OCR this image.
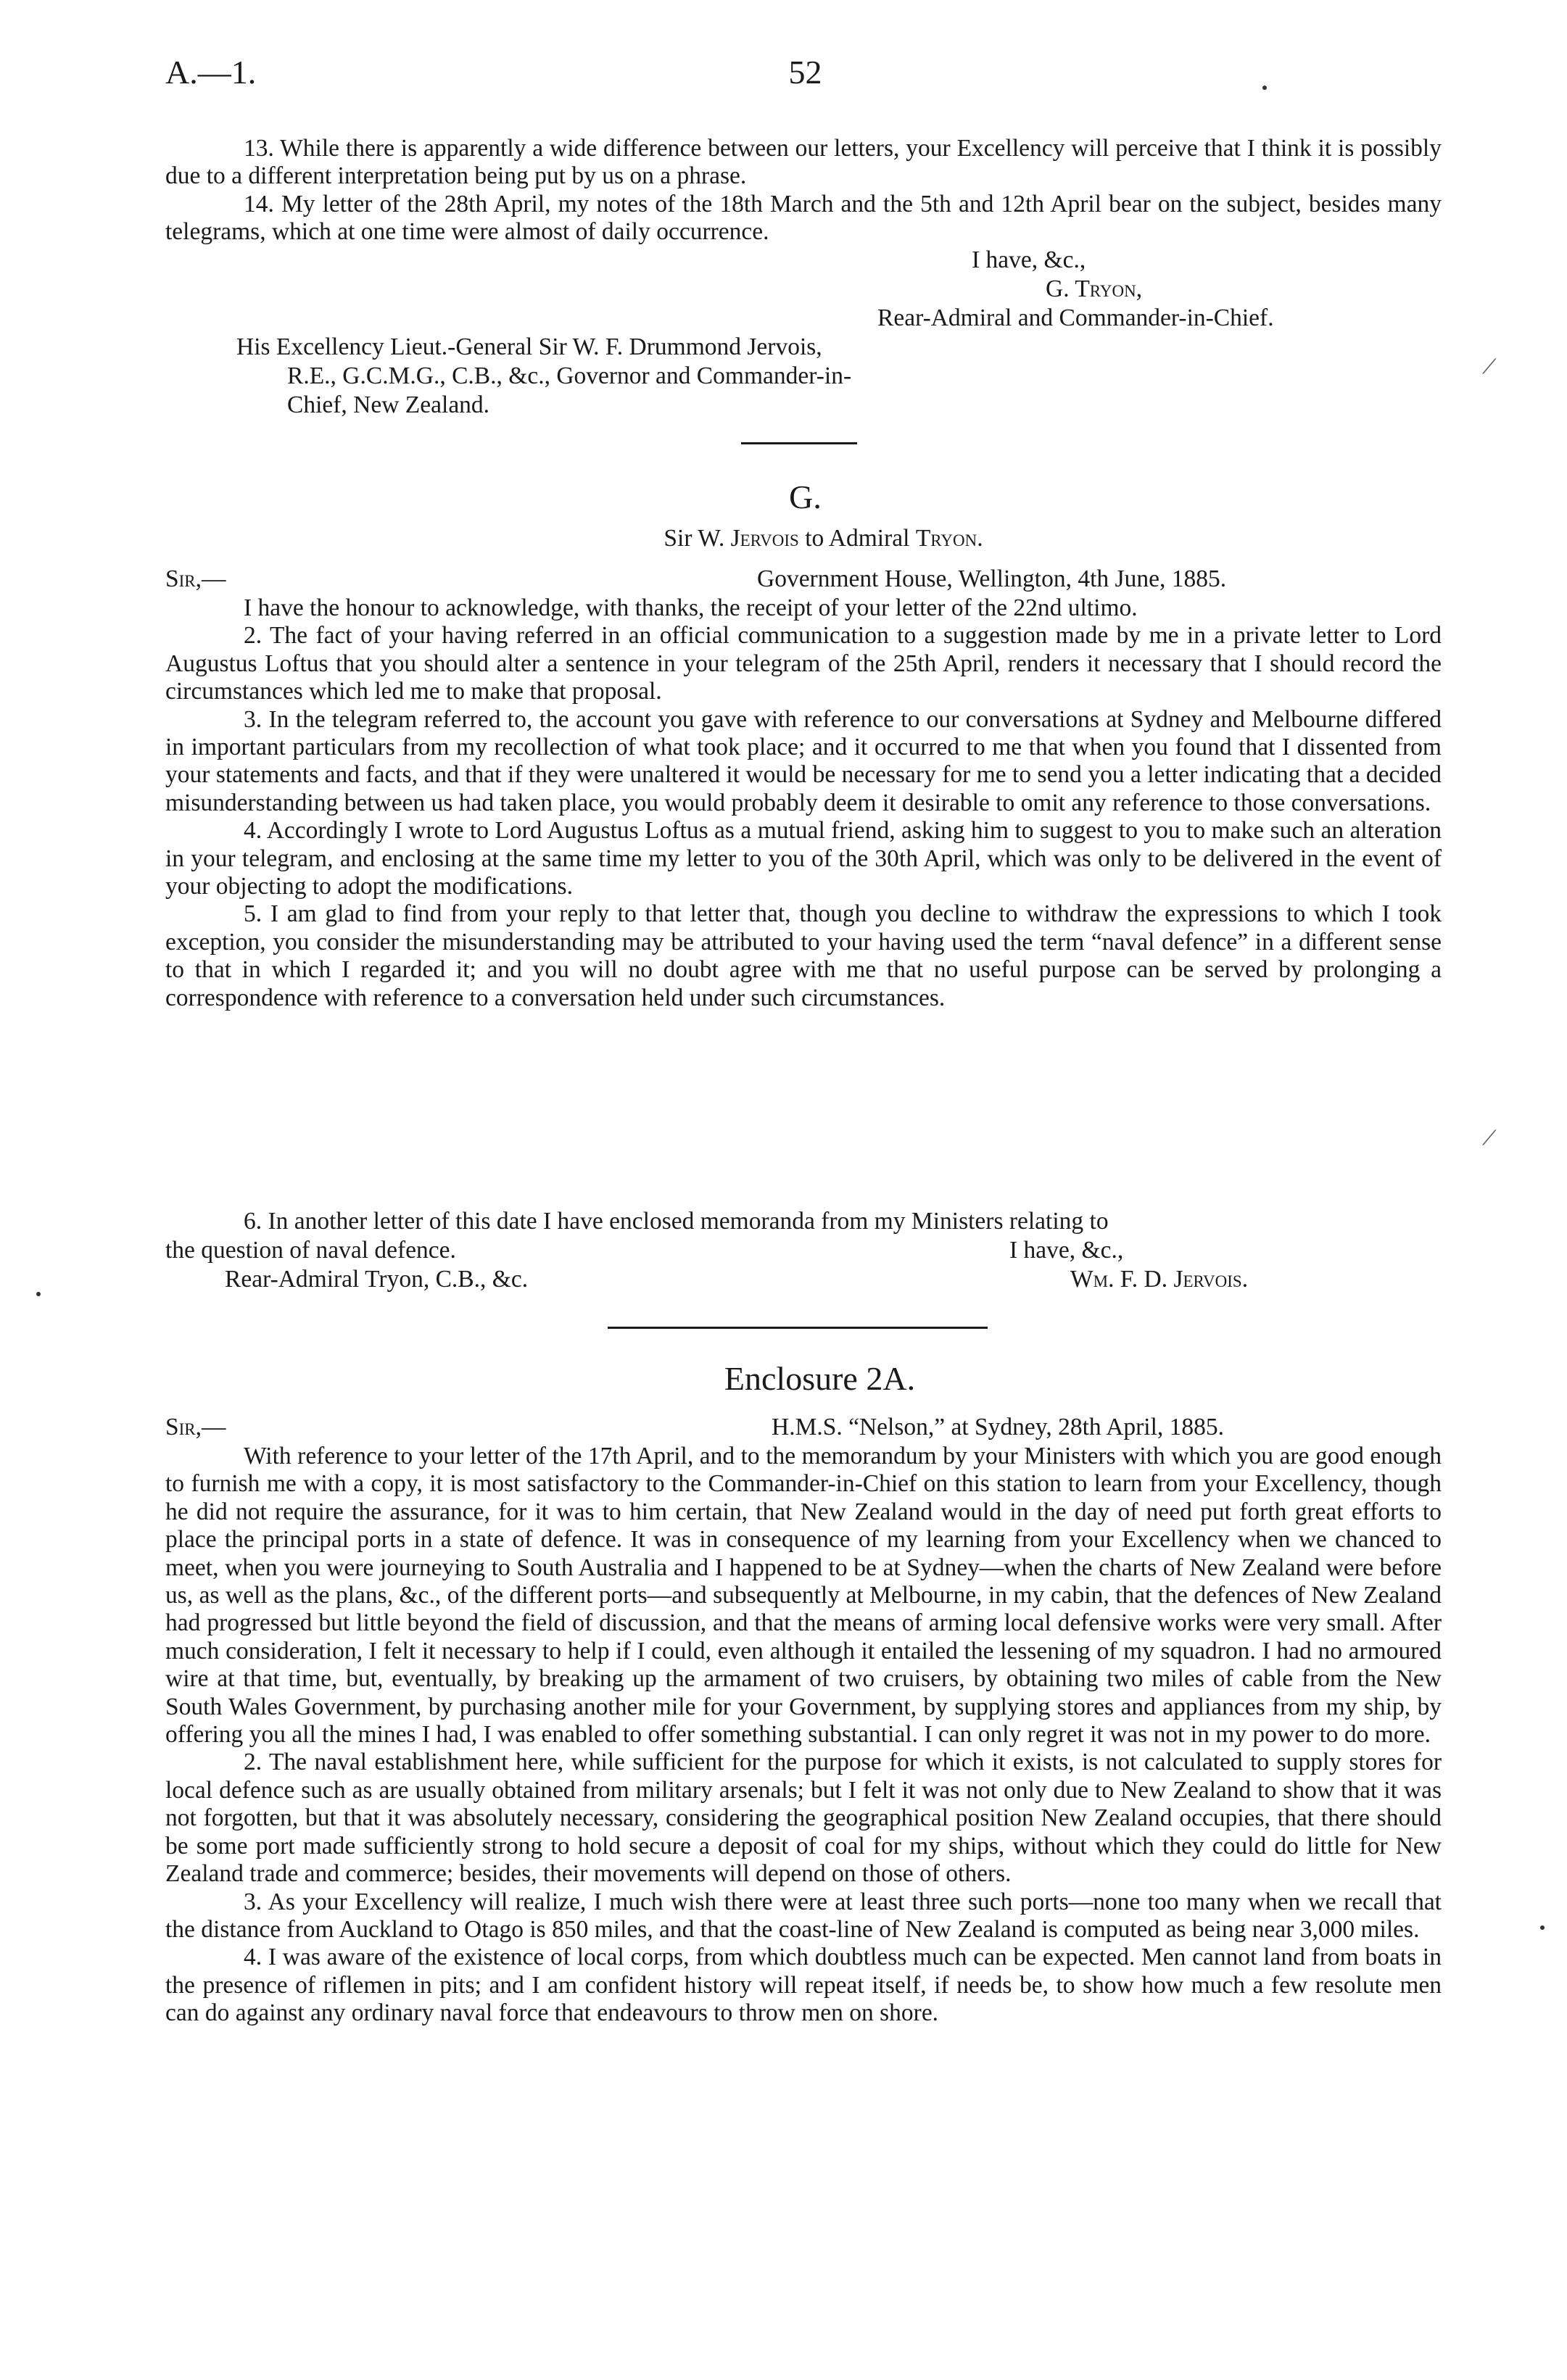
A.—1.	52

13. While there is apparently a wide difference between our letters, your Excellency will perceive that I think it is possibly due to a different interpretation being put by us on a phrase.

14. My letter of the 28th April, my notes of the 18th March and the 5th and 12th April bear on the subject, besides many telegrams, which at one time were almost of daily occurrence.

I have, &c.,
G. Tryon,
Rear-Admiral and Commander-in-Chief.
His Excellency Lieut.-General Sir W. F. Drummond Jervois,
R.E., G.C.M.G., C.B., &c., Governor and Commander-in-
Chief, New Zealand.
G.
Sir W. Jervois to Admiral Tryon.
Sir,—	Government House, Wellington, 4th June, 1885.

I have the honour to acknowledge, with thanks, the receipt of your letter of the 22nd ultimo.

2. The fact of your having referred in an official communication to a suggestion made by me in a private letter to Lord Augustus Loftus that you should alter a sentence in your telegram of the 25th April, renders it necessary that I should record the circumstances which led me to make that proposal.

3. In the telegram referred to, the account you gave with reference to our conversations at Sydney and Melbourne differed in important particulars from my recollection of what took place; and it occurred to me that when you found that I dissented from your statements and facts, and that if they were unaltered it would be necessary for me to send you a letter indicating that a decided misunderstanding between us had taken place, you would probably deem it desirable to omit any reference to those conversations.

4. Accordingly I wrote to Lord Augustus Loftus as a mutual friend, asking him to suggest to you to make such an alteration in your telegram, and enclosing at the same time my letter to you of the 30th April, which was only to be delivered in the event of your objecting to adopt the modifications.

5. I am glad to find from your reply to that letter that, though you decline to withdraw the expressions to which I took exception, you consider the misunderstanding may be attributed to your having used the term “naval defence” in a different sense to that in which I regarded it; and you will no doubt agree with me that no useful purpose can be served by prolonging a correspondence with reference to a conversation held under such circumstances.

6. In another letter of this date I have enclosed memoranda from my Ministers relating to
the question of naval defence.	I have, &c.,
Rear-Admiral Tryon, C.B., &c.	Wm. F. D. Jervois.
Enclosure 2A.
Sir,—	H.M.S. “Nelson,” at Sydney, 28th April, 1885.

With reference to your letter of the 17th April, and to the memorandum by your Ministers with which you are good enough to furnish me with a copy, it is most satisfactory to the Commander-in-Chief on this station to learn from your Excellency, though he did not require the assurance, for it was to him certain, that New Zealand would in the day of need put forth great efforts to place the principal ports in a state of defence. It was in consequence of my learning from your Excellency when we chanced to meet, when you were journeying to South Australia and I happened to be at Sydney—when the charts of New Zealand were before us, as well as the plans, &c., of the different ports—and subsequently at Melbourne, in my cabin, that the defences of New Zealand had progressed but little beyond the field of discussion, and that the means of arming local defensive works were very small. After much consideration, I felt it necessary to help if I could, even although it entailed the lessening of my squadron. I had no armoured wire at that time, but, eventually, by breaking up the armament of two cruisers, by obtaining two miles of cable from the New South Wales Government, by purchasing another mile for your Government, by supplying stores and appliances from my ship, by offering you all the mines I had, I was enabled to offer something substantial. I can only regret it was not in my power to do more.

2. The naval establishment here, while sufficient for the purpose for which it exists, is not calculated to supply stores for local defence such as are usually obtained from military arsenals; but I felt it was not only due to New Zealand to show that it was not forgotten, but that it was absolutely necessary, considering the geographical position New Zealand occupies, that there should be some port made sufficiently strong to hold secure a deposit of coal for my ships, without which they could do little for New Zealand trade and commerce; besides, their movements will depend on those of others.

3. As your Excellency will realize, I much wish there were at least three such ports—none too many when we recall that the distance from Auckland to Otago is 850 miles, and that the coast-line of New Zealand is computed as being near 3,000 miles.

4. I was aware of the existence of local corps, from which doubtless much can be expected. Men cannot land from boats in the presence of riflemen in pits; and I am confident history will repeat itself, if needs be, to show how much a few resolute men can do against any ordinary naval force that endeavours to throw men on shore.

⟋
⟋
